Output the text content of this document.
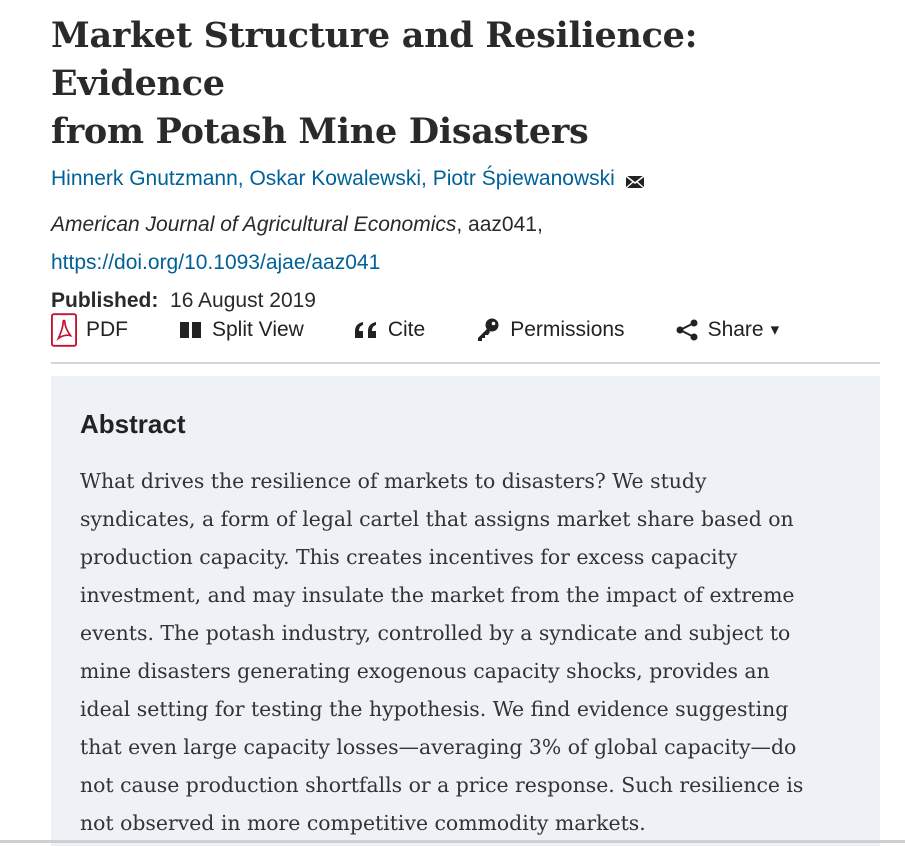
Market Structure and Resilience: Evidence
from Potash Mine Disasters
Hinnerk Gnutzmann ,
Oskar Kowalewski ,
Piotr Śpiewanowski
American Journal of Agricultural Economics, aaz041,
https://doi.org/10.1093/ajae/aaz041
Published: 16 August 2019
PDF	Split View	Cite	Permissions	Share ▾
Abstract

What drives the resilience of markets to disasters? We study
syndicates, a form of legal cartel that assigns market share based on
production capacity. This creates incentives for excess capacity
investment, and may insulate the market from the impact of extreme
events. The potash industry, controlled by a syndicate and subject to
mine disasters generating exogenous capacity shocks, provides an
ideal setting for testing the hypothesis. We find evidence suggesting
that even large capacity losses—averaging 3% of global capacity—do
not cause production shortfalls or a price response. Such resilience is
not observed in more competitive commodity markets.
